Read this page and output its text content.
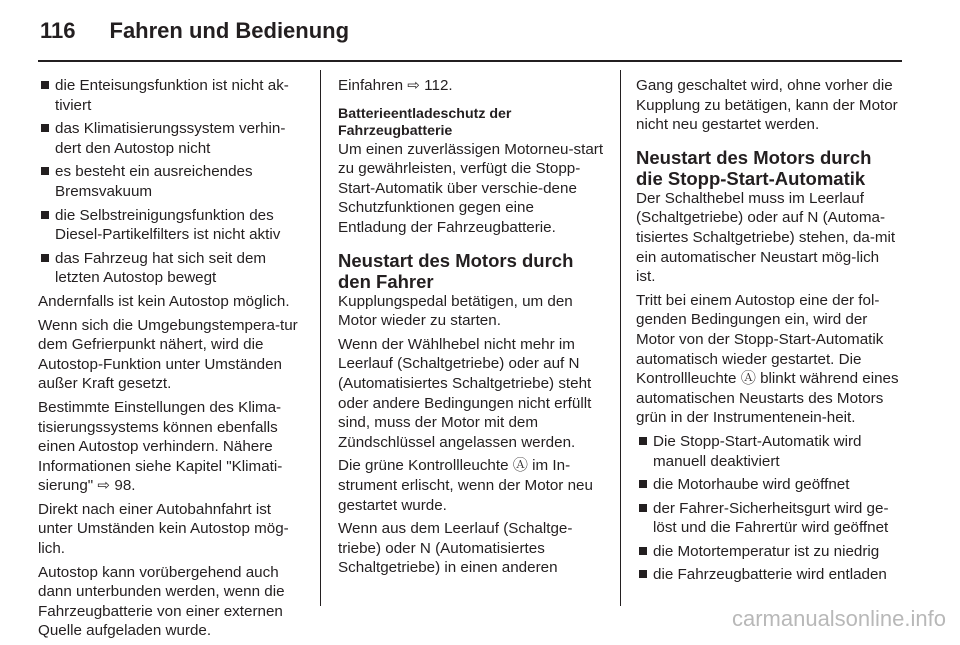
116 Fahren und Bedienung
die Enteisungsfunktion ist nicht ak-tiviert
das Klimatisierungssystem verhin-dert den Autostop nicht
es besteht ein ausreichendes Bremsvakuum
die Selbstreinigungsfunktion des Diesel-Partikelfilters ist nicht aktiv
das Fahrzeug hat sich seit dem letzten Autostop bewegt

Andernfalls ist kein Autostop möglich.

Wenn sich die Umgebungstempera-tur dem Gefrierpunkt nähert, wird die Autostop-Funktion unter Umständen außer Kraft gesetzt.

Bestimmte Einstellungen des Klima-tisierungssystems können ebenfalls einen Autostop verhindern. Nähere Informationen siehe Kapitel "Klimati-sierung" ⇨ 98.

Direkt nach einer Autobahnfahrt ist unter Umständen kein Autostop mög-lich.

Autostop kann vorübergehend auch dann unterbunden werden, wenn die Fahrzeugbatterie von einer externen Quelle aufgeladen wurde.

Einfahren ⇨ 112.

Batterieentladeschutz der Fahrzeugbatterie

Um einen zuverlässigen Motorneu-start zu gewährleisten, verfügt die Stopp-Start-Automatik über verschie-dene Schutzfunktionen gegen eine Entladung der Fahrzeugbatterie.

Neustart des Motors durch den Fahrer

Kupplungspedal betätigen, um den Motor wieder zu starten.

Wenn der Wählhebel nicht mehr im Leerlauf (Schaltgetriebe) oder auf N (Automatisiertes Schaltgetriebe) steht oder andere Bedingungen nicht erfüllt sind, muss der Motor mit dem Zündschlüssel angelassen werden.

Die grüne Kontrollleuchte Ⓐ im In-strument erlischt, wenn der Motor neu gestartet wurde.

Wenn aus dem Leerlauf (Schaltge-triebe) oder N (Automatisiertes Schaltgetriebe) in einen anderen

Gang geschaltet wird, ohne vorher die Kupplung zu betätigen, kann der Motor nicht neu gestartet werden.

Neustart des Motors durch die Stopp-Start-Automatik

Der Schalthebel muss im Leerlauf (Schaltgetriebe) oder auf N (Automa-tisiertes Schaltgetriebe) stehen, da-mit ein automatischer Neustart mög-lich ist.

Tritt bei einem Autostop eine der fol-genden Bedingungen ein, wird der Motor von der Stopp-Start-Automatik automatisch wieder gestartet. Die Kontrollleuchte Ⓐ blinkt während eines automatischen Neustarts des Motors grün in der Instrumentenein-heit.

Die Stopp-Start-Automatik wird manuell deaktiviert
die Motorhaube wird geöffnet
der Fahrer-Sicherheitsgurt wird ge-löst und die Fahrertür wird geöffnet
die Motortemperatur ist zu niedrig
die Fahrzeugbatterie wird entladen
carmanualsonline.info
